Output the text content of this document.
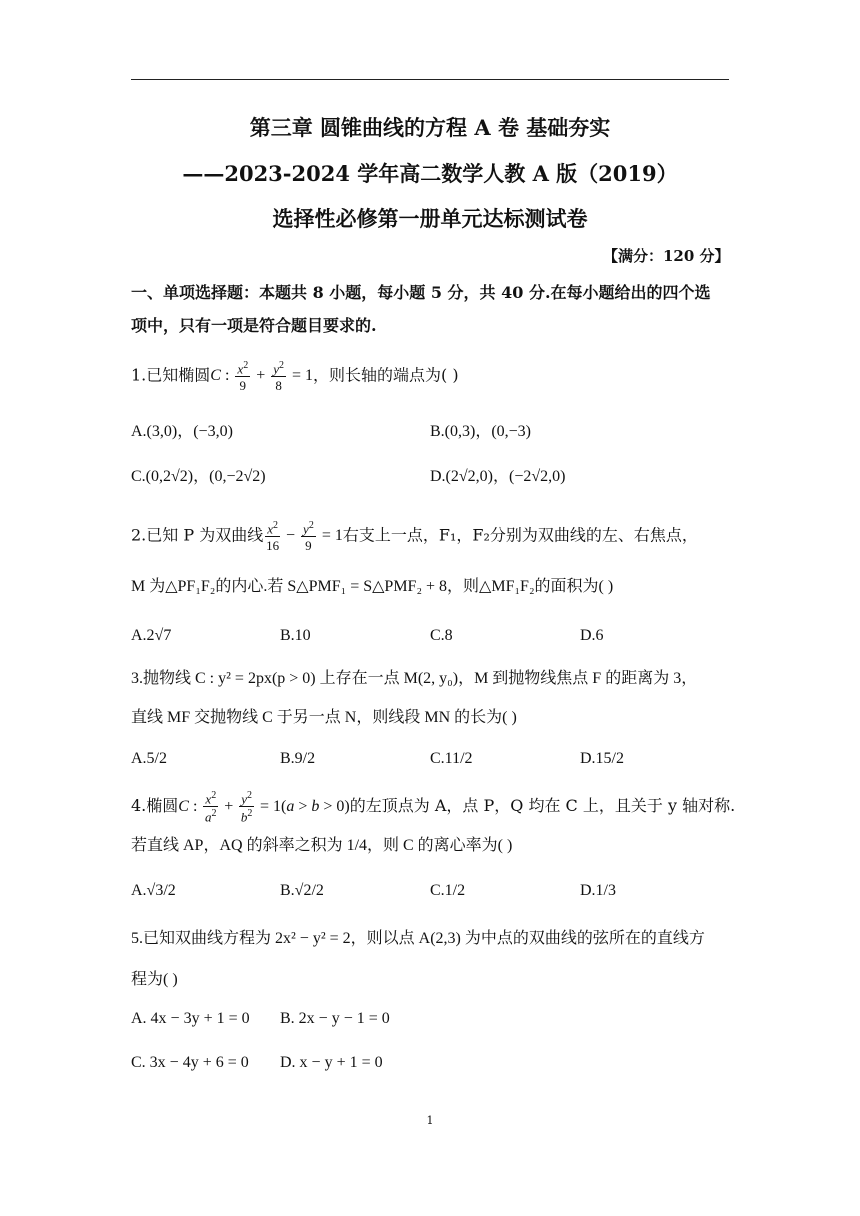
第三章 圆锥曲线的方程 A 卷 基础夯实
——2023-2024 学年高二数学人教 A 版（2019）
选择性必修第一册单元达标测试卷
【满分：120 分】
一、单项选择题：本题共 8 小题，每小题 5 分，共 40 分.在每小题给出的四个选
项中，只有一项是符合题目要求的.
1.已知椭圆C : $\frac{x^2}{9} + \frac{y^2}{8} = 1$，则长轴的端点为( )
A.(3,0)，(−3,0)	B.(0,3)，(0,−3)
C.(0,2√2)，(0,−2√2)	D.(2√2,0)，(−2√2,0)
2.已知 P 为双曲线 $\frac{x^2}{16} - \frac{y^2}{9} = 1$右支上一点，F₁，F₂分别为双曲线的左、右焦点，
M 为△PF₁F₂的内心.若 S△PMF₁ = S△PMF₂ + 8，则△MF₁F₂的面积为( )
A.2√7	B.10	C.8	D.6
3.抛物线 C : y² = 2px(p > 0) 上存在一点 M(2, y₀)，M 到抛物线焦点 F 的距离为 3，
直线 MF 交抛物线 C 于另一点 N，则线段 MN 的长为( )
A.5/2	B.9/2	C.11/2	D.15/2
4.椭圆C : $\frac{x^2}{a^2} + \frac{y^2}{b^2} = 1(a > b > 0)$的左顶点为 A，点 P，Q 均在 C 上，且关于 y 轴对称.
若直线 AP，AQ 的斜率之积为 1/4，则 C 的离心率为( )
A.√3/2	B.√2/2	C.1/2	D.1/3
5.已知双曲线方程为 2x² − y² = 2，则以点 A(2,3) 为中点的双曲线的弦所在的直线方
程为( )
A. 4x − 3y + 1 = 0 B. 2x − y − 1 = 0
C. 3x − 4y + 6 = 0 D. x − y + 1 = 0
1
